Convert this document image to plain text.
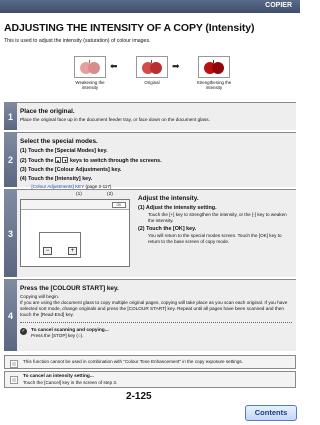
COPIER
ADJUSTING THE INTENSITY OF A COPY (Intensity)
This is used to adjust the intensity (saturation) of colour images.
⬅	➡
Weakening the intensity
Original	Strengthening the intensity
1	Place the original.
Place the original face up in the document feeder tray, or face down on the document glass.
2
Select the special modes.
(1) Touch the [Special Modes] key.
(2) Touch the ▲ ▼ keys to switch through the screens.
(3) Touch the [Colour Adjustments] key.
(4) Touch the [Intensity] key.
☞ [Colour Adjustments] KEY (page 2-117)
3
(1)	(2)
OK
−	+
Adjust the intensity.
(1) Adjust the intensity setting.
Touch the [+] key to strengthen the intensity, or the [-] key to weaken the intensity.
(2) Touch the [OK] key.
You will return to the special modes screen. Touch the [OK] key to return to the base screen of copy mode.
4
Press the [COLOUR START] key.
Copying will begin.
If you are using the document glass to copy multiple original pages, copying will take place as you scan each original. If you have selected sort mode, change originals and press the [COLOUR START] key. Repeat until all pages have been scanned and then touch the [Read-End] key.
✓ To cancel scanning and copying...
Press the [STOP] key (○).
This function cannot be used in combination with "Colour Tone Enhancement" in the copy exposure settings.
To cancel an intensity setting...
Touch the [Cancel] key in the screen of step 3.
2-125
Contents
